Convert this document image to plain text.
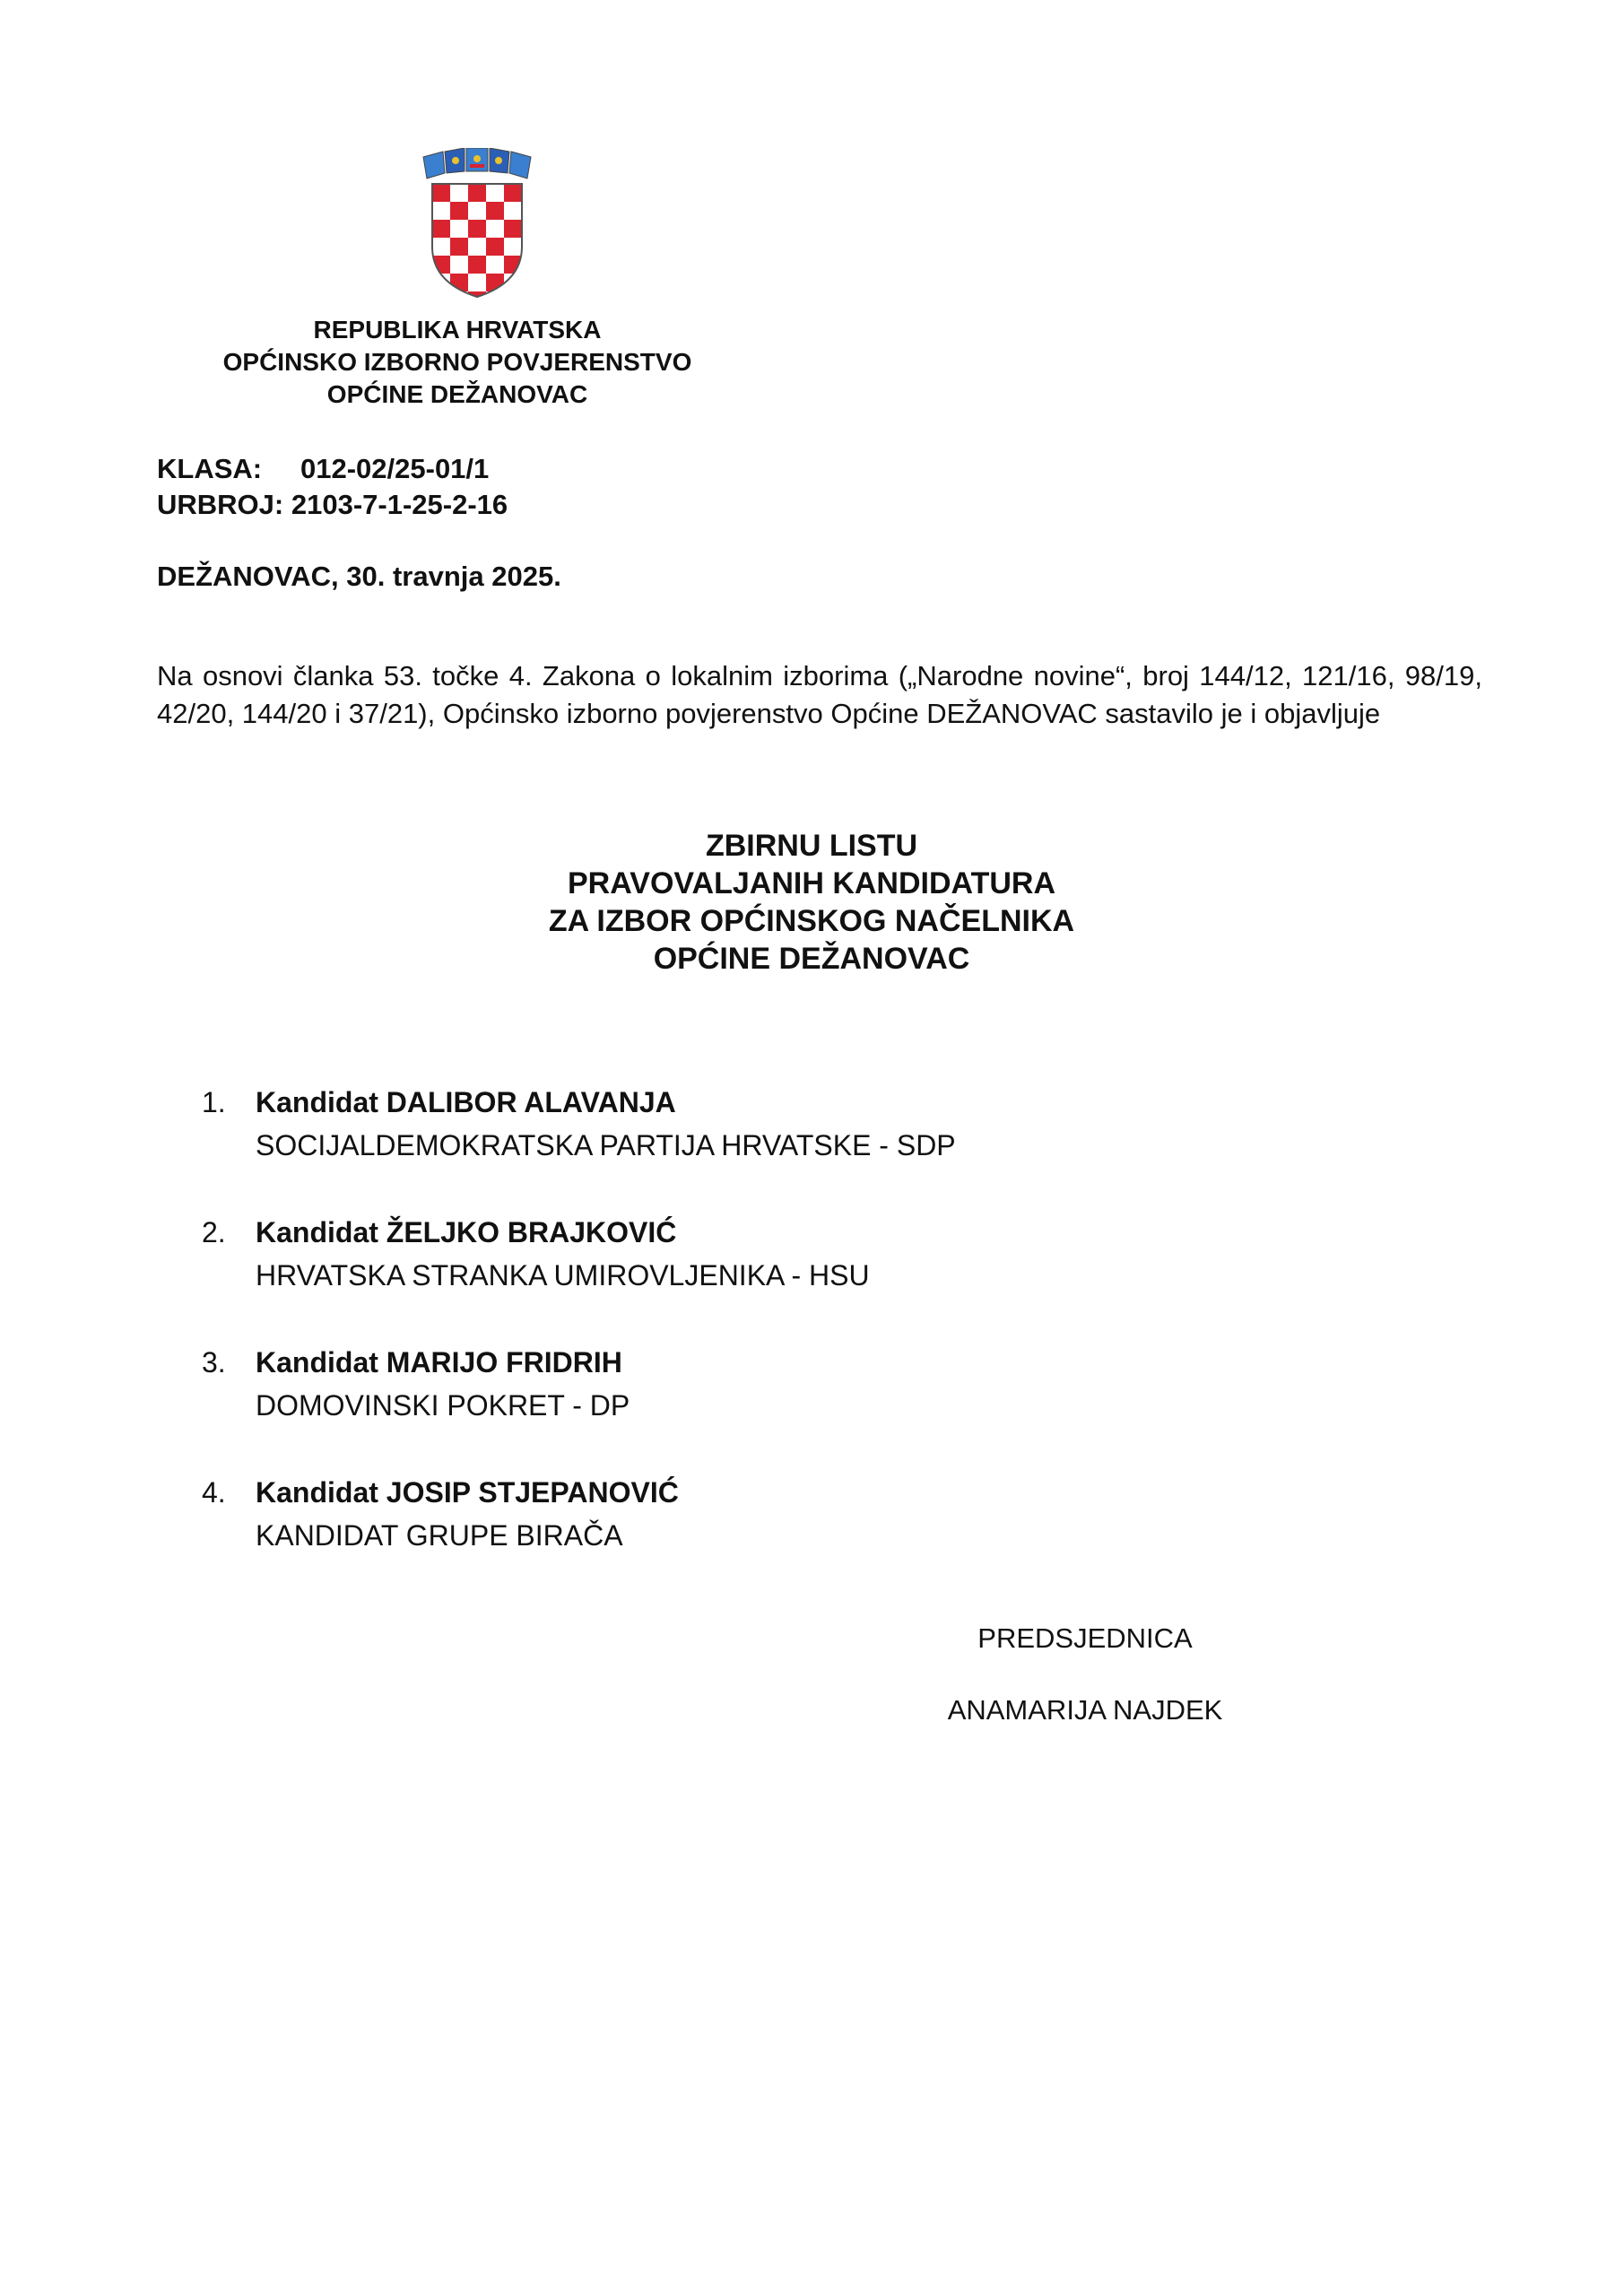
REPUBLIKA HRVATSKA
OPĆINSKO IZBORNO POVJERENSTVO
OPĆINE DEŽANOVAC
KLASA: 012-02/25-01/1
URBROJ: 2103-7-1-25-2-16
DEŽANOVAC, 30. travnja 2025.
Na osnovi članka 53. točke 4. Zakona o lokalnim izborima („Narodne novine“, broj 144/12, 121/16, 98/19, 42/20, 144/20 i 37/21), Općinsko izborno povjerenstvo Općine DEŽANOVAC sastavilo je i objavljuje
ZBIRNU LISTU
PRAVOVALJANIH KANDIDATURA
ZA IZBOR OPĆINSKOG NAČELNIKA
OPĆINE DEŽANOVAC
1.	Kandidat DALIBOR ALAVANJA
SOCIJALDEMOKRATSKA PARTIJA HRVATSKE - SDP
2.	Kandidat ŽELJKO BRAJKOVIĆ
HRVATSKA STRANKA UMIROVLJENIKA - HSU
3.	Kandidat MARIJO FRIDRIH
DOMOVINSKI POKRET - DP
4.	Kandidat JOSIP STJEPANOVIĆ
KANDIDAT GRUPE BIRAČA
PREDSJEDNICA
ANAMARIJA NAJDEK
